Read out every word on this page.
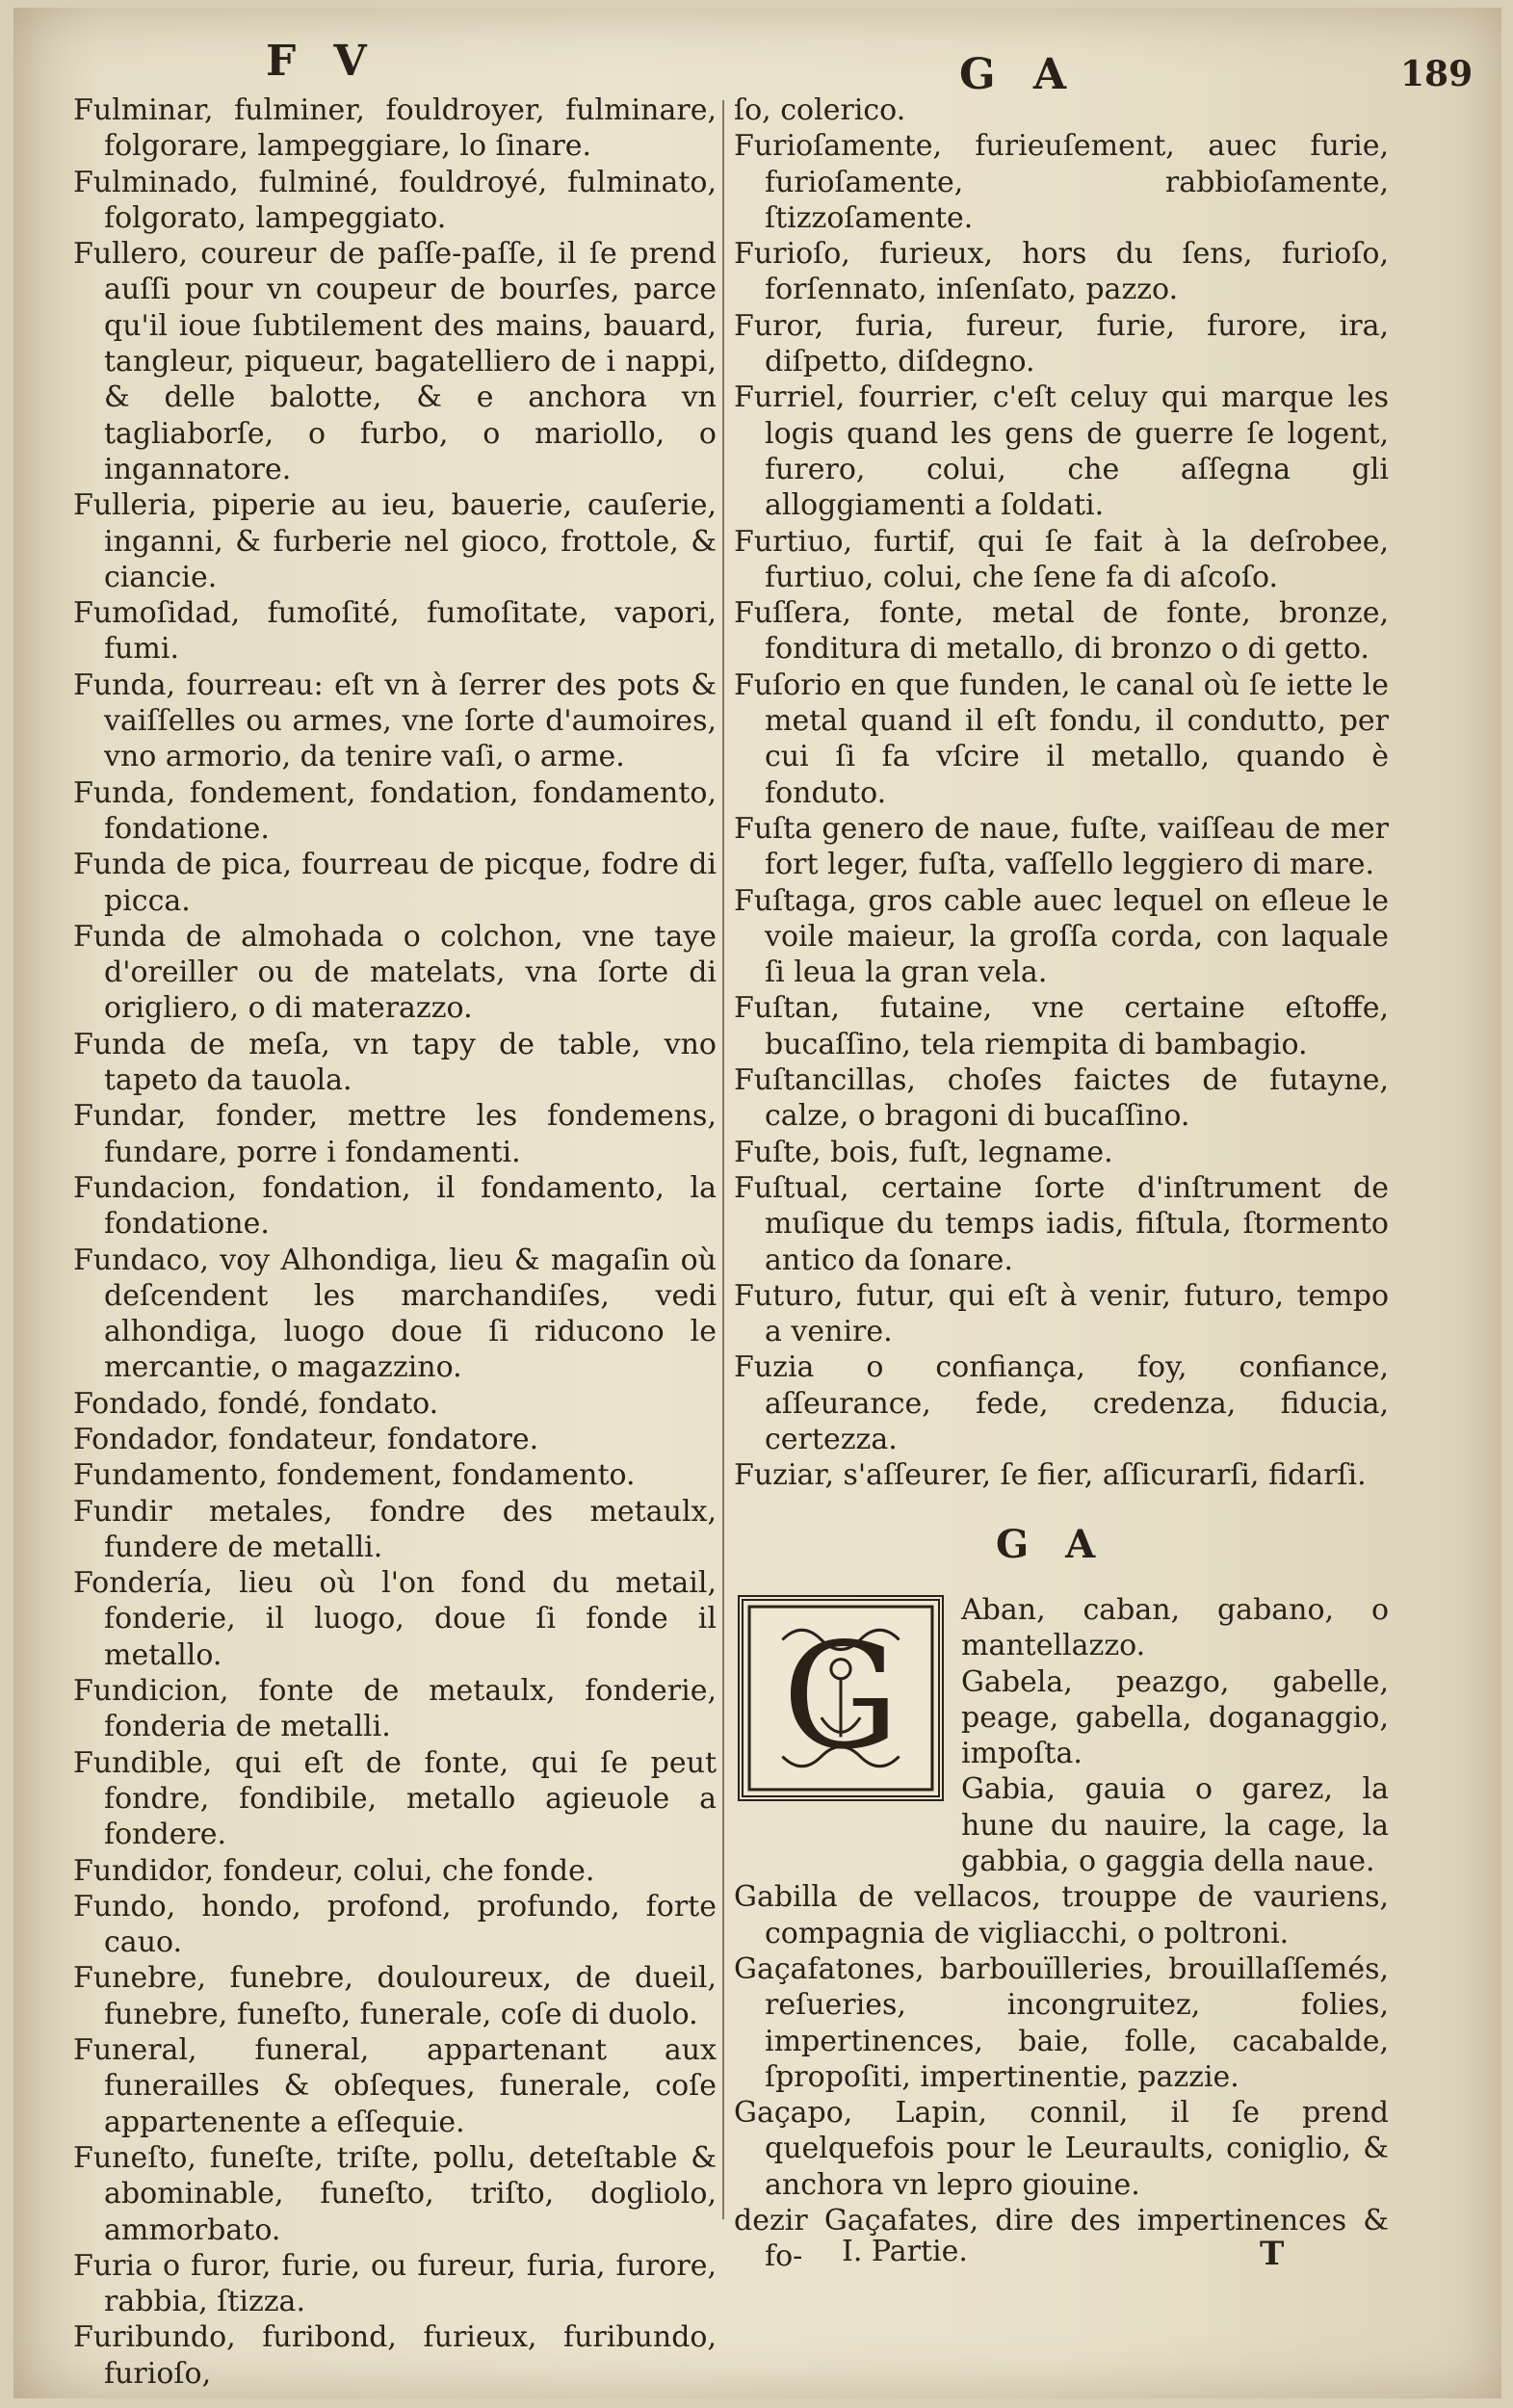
F V	G A	189
Fulminar, fulminer, fouldroyer, fulminare, folgorare, lampeggiare, lo ſinare.
Fulminado, fulminé, fouldroyé, fulminato, folgorato, lampeggiato.
Fullero, coureur de paſſe-paſſe, il ſe prend auſſi pour vn coupeur de bourſes, parce qu'il ioue ſubtilement des mains, bauard, tangleur, piqueur, bagatelliero de i nappi, & delle balotte, & e anchora vn tagliaborſe, o furbo, o mariollo, o ingannatore.
Fulleria, piperie au ieu, bauerie, cauſerie, inganni, & furberie nel gioco, frottole, & ciancie.
Fumoſidad, fumoſité, fumoſitate, vapori, fumi.
Funda, fourreau: eſt vn à ſerrer des pots & vaiſſelles ou armes, vne ſorte d'aumoires, vno armorio, da tenire vaſi, o arme.
Funda, fondement, fondation, fondamento, fondatione.
Funda de pica, fourreau de picque, fodre di picca.
Funda de almohada o colchon, vne taye d'oreiller ou de matelats, vna ſorte di origliero, o di materazzo.
Funda de meſa, vn tapy de table, vno tapeto da tauola.
Fundar, fonder, mettre les fondemens, fundare, porre i fondamenti.
Fundacion, fondation, il fondamento, la fondatione.
Fundaco, voy Alhondiga, lieu & magaſin où deſcendent les marchandiſes, vedi alhondiga, luogo doue ſi riducono le mercantie, o magazzino.
Fondado, fondé, fondato.
Fondador, fondateur, fondatore.
Fundamento, fondement, fondamento.
Fundir metales, fondre des metaulx, fundere de metalli.
Fondería, lieu où l'on fond du metail, fonderie, il luogo, doue ſi fonde il metallo.
Fundicion, fonte de metaulx, fonderie, fonderia de metalli.
Fundible, qui eſt de fonte, qui ſe peut fondre, fondibile, metallo agieuole a fondere.
Fundidor, fondeur, colui, che fonde.
Fundo, hondo, profond, profundo, forte cauo.
Funebre, funebre, douloureux, de dueil, funebre, funeſto, funerale, coſe di duolo.
Funeral, funeral, appartenant aux funerailles & obſeques, funerale, coſe appartenente a eſſequie.
Funeſto, funeſte, triſte, pollu, deteſtable & abominable, funeſto, triſto, dogliolo, ammorbato.
Furia o furor, furie, ou fureur, furia, furore, rabbia, ſtizza.
Furibundo, furibond, furieux, furibundo, furioſo,
ſo, colerico.
Furioſamente, furieuſement, auec furie, furioſamente, rabbioſamente, ſtizzoſamente.
Furioſo, furieux, hors du ſens, furioſo, forſennato, inſenſato, pazzo.
Furor, furia, fureur, furie, furore, ira, diſpetto, diſdegno.
Furriel, fourrier, c'eſt celuy qui marque les logis quand les gens de guerre ſe logent, furero, colui, che aſſegna gli alloggiamenti a ſoldati.
Furtiuo, furtif, qui ſe fait à la deſrobee, furtiuo, colui, che ſene fa di aſcoſo.
Fuſſera, fonte, metal de fonte, bronze, fonditura di metallo, di bronzo o di getto.
Fuſorio en que funden, le canal où ſe iette le metal quand il eſt fondu, il condutto, per cui ſi fa vſcire il metallo, quando è fonduto.
Fuſta genero de naue, fuſte, vaiſſeau de mer fort leger, fuſta, vaſſello leggiero di mare.
Fuſtaga, gros cable auec lequel on eſleue le voile maieur, la groſſa corda, con laquale ſi leua la gran vela.
Fuſtan, futaine, vne certaine eſtoffe, bucaſſino, tela riempita di bambagio.
Fuſtancillas, choſes faictes de futayne, calze, o bragoni di bucaſſino.
Fuſte, bois, fuſt, legname.
Fuſtual, certaine ſorte d'inſtrument de muſique du temps iadis, fiſtula, ſtormento antico da ſonare.
Futuro, futur, qui eſt à venir, futuro, tempo a venire.
Fuzia o confiança, foy, confiance, aſſeurance, fede, credenza, fiducia, certezza.
Fuziar, s'aſſeurer, ſe fier, aſſicurarſi, fidarſi.
G A
G
Aban, caban, gabano, o mantellazzo.
Gabela, peazgo, gabelle, peage, gabella, doganaggio, impoſta.
Gabia, gauia o garez, la hune du nauire, la cage, la gabbia, o gaggia della naue.
Gabilla de vellacos, trouppe de vauriens, compagnia de vigliacchi, o poltroni.
Gaçafatones, barbouïlleries, brouillaſſemés, reſueries, incongruitez, folies, impertinences, baie, folle, cacabalde, ſpropoſiti, impertinentie, pazzie.
Gaçapo, Lapin, connil, il ſe prend quelquefois pour le Leuraults, coniglio, & anchora vn lepro giouine.
dezir Gaçafates, dire des impertinences & fo-	I. Partie.	T
